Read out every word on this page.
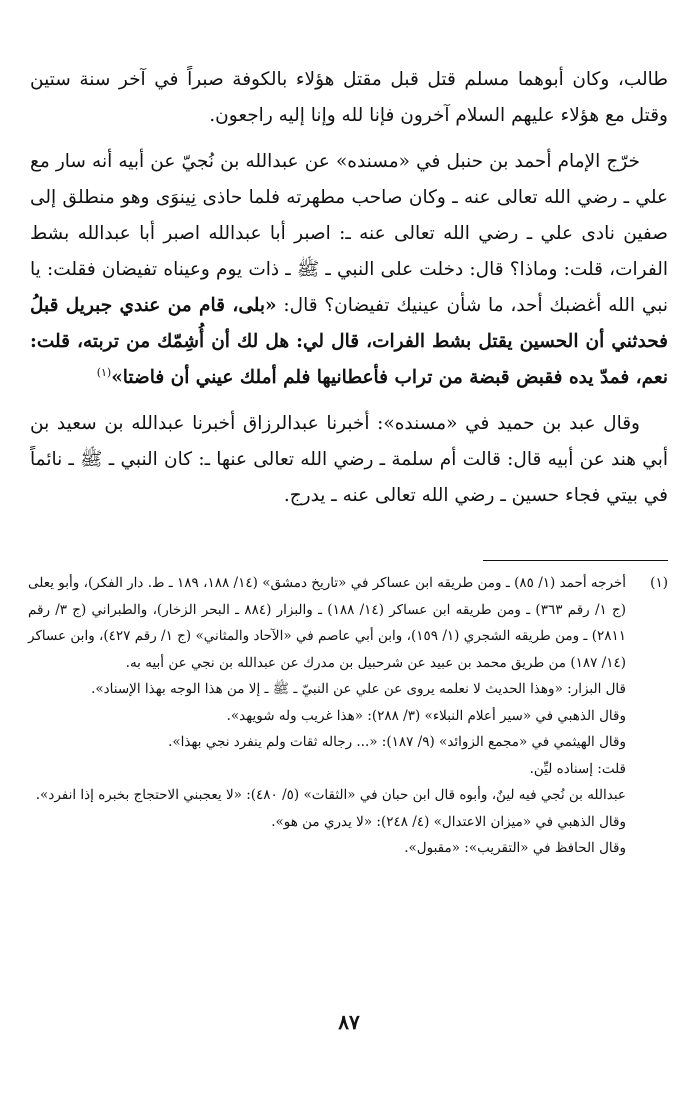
طالب، وكان أبوهما مسلم قتل قبل مقتل هؤلاء بالكوفة صبراً في آخر سنة ستين وقتل مع هؤلاء عليهم السلام آخرون فإنا لله وإنا إليه راجعون.

خرّج الإمام أحمد بن حنبل في «مسنده» عن عبدالله بن نُجيّ عن أبيه أنه سار مع علي ـ رضي الله تعالى عنه ـ وكان صاحب مطهرته فلما حاذى نِينوَى وهو منطلق إلى صفين نادى علي ـ رضي الله تعالى عنه ـ: اصبر أبا عبدالله اصبر أبا عبدالله بشط الفرات، قلت: وماذا؟ قال: دخلت على النبي ـ ﷺ ـ ذات يوم وعيناه تفيضان فقلت: يا نبي الله أغضبك أحد، ما شأن عينيك تفيضان؟ قال: «بلى، قام من عندي جبريل قبلُ فحدثني أن الحسين يقتل بشط الفرات، قال لي: هل لك أن أُشِمّك من تربته، قلت: نعم، فمدّ يده فقبض قبضة من تراب فأعطانيها فلم أملك عيني أن فاضتا»$^{(١)}$

وقال عبد بن حميد في «مسنده»: أخبرنا عبدالرزاق أخبرنا عبدالله بن سعيد بن أبي هند عن أبيه قال: قالت أم سلمة ـ رضي الله تعالى عنها ـ: كان النبي ـ ﷺ ـ نائماً في بيتي فجاء حسين ـ رضي الله تعالى عنه ـ يدرج.

(١)
أخرجه أحمد (١/ ٨٥) ـ ومن طريقه ابن عساكر في «تاريخ دمشق» (١٤/ ١٨٨، ١٨٩ ـ ط. دار الفكر)، وأبو يعلى (ج ١/ رقم ٣٦٣) ـ ومن طريقه ابن عساكر (١٤/ ١٨٨) ـ والبزار (٨٨٤ ـ البحر الزخار)، والطبراني (ج ٣/ رقم ٢٨١١) ـ ومن طريقه الشجري (١/ ١٥٩)، وابن أبي عاصم في «الآحاد والمثاني» (ج ١/ رقم ٤٢٧)، وابن عساكر (١٤/ ١٨٧) من طريق محمد بن عبيد عن شرحبيل بن مدرك عن عبدالله بن نجي عن أبيه به.

قال البزار: «وهذا الحديث لا نعلمه يروى عن علي عن النبيّ ـ ﷺ ـ إلا من هذا الوجه بهذا الإسناد».

وقال الذهبي في «سير أعلام النبلاء» (٣/ ٢٨٨): «هذا غريب وله شويهد».

وقال الهيثمي في «مجمع الزوائد» (٩/ ١٨٧): «... رجاله ثقات ولم ينفرد نجي بهذا».

قلت: إسناده ليِّن.

عبدالله بن نُجي فيه لينٌ، وأبوه قال ابن حبان في «الثقات» (٥/ ٤٨٠): «لا يعجبني الاحتجاج بخبره إذا انفرد».

وقال الذهبي في «ميزان الاعتدال» (٤/ ٢٤٨): «لا يدري من هو».

وقال الحافظ في «التقريب»: «مقبول».

٨٧
